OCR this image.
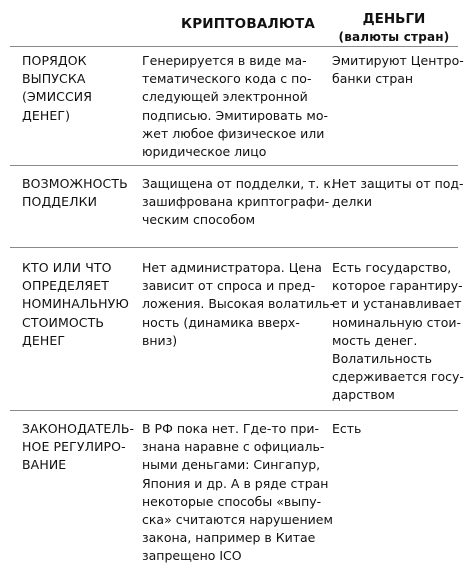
КРИПТОВАЛЮТА	ДЕНЬГИ
(валюты стран)
ПОРЯДОК
ВЫПУСКА
(ЭМИССИЯ
ДЕНЕГ)
Генерируется в виде ма-
тематического кода с по-
следующей электронной
подписью. Эмитировать мо-
жет любое физическое или
юридическое лицо
Эмитируют Центро-
банки стран
ВОЗМОЖНОСТЬ
ПОДДЕЛКИ
Защищена от подделки, т. к.
зашифрована криптографи-
ческим способом
Нет защиты от под-
делки
КТО ИЛИ ЧТО
ОПРЕДЕЛЯЕТ
НОМИНАЛЬНУЮ
СТОИМОСТЬ
ДЕНЕГ
Нет администратора. Цена
зависит от спроса и пред-
ложения. Высокая волатиль-
ность (динамика вверх-
вниз)
Есть государство,
которое гарантиру-
ет и устанавливает
номинальную стои-
мость денег.
Волатильность
сдерживается госу-
дарством
ЗАКОНОДАТЕЛЬ-
НОЕ РЕГУЛИРО-
ВАНИЕ
В РФ пока нет. Где-то при-
знана наравне с официаль-
ными деньгами: Сингапур,
Япония и др. А в ряде стран
некоторые способы «выпу-
ска» считаются нарушением
закона, например в Китае
запрещено ICO
Есть
